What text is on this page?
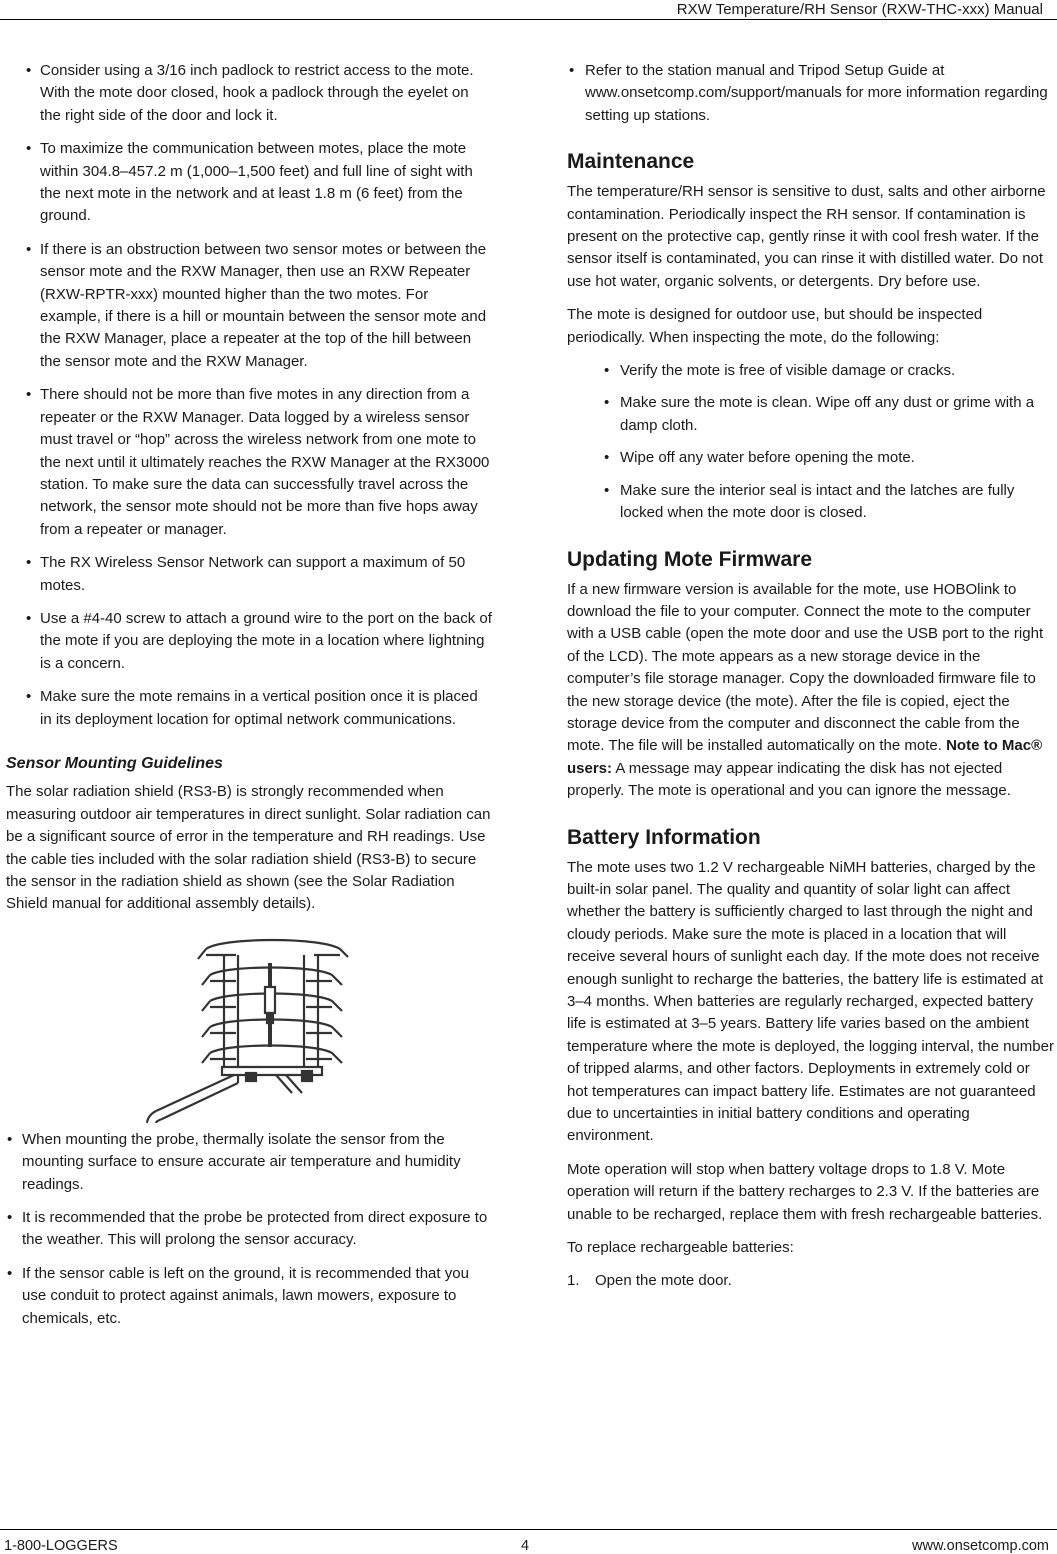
RXW Temperature/RH Sensor (RXW-THC-xxx) Manual
• Consider using a 3/16 inch padlock to restrict access to the mote. With the mote door closed, hook a padlock through the eyelet on the right side of the door and lock it.
• To maximize the communication between motes, place the mote within 304.8–457.2 m (1,000–1,500 feet) and full line of sight with the next mote in the network and at least 1.8 m (6 feet) from the ground.
• If there is an obstruction between two sensor motes or between the sensor mote and the RXW Manager, then use an RXW Repeater (RXW-RPTR-xxx) mounted higher than the two motes. For example, if there is a hill or mountain between the sensor mote and the RXW Manager, place a repeater at the top of the hill between the sensor mote and the RXW Manager.
• There should not be more than five motes in any direction from a repeater or the RXW Manager. Data logged by a wireless sensor must travel or “hop” across the wireless network from one mote to the next until it ultimately reaches the RXW Manager at the RX3000 station. To make sure the data can successfully travel across the network, the sensor mote should not be more than five hops away from a repeater or manager.
• The RX Wireless Sensor Network can support a maximum of 50 motes.
• Use a #4-40 screw to attach a ground wire to the port on the back of the mote if you are deploying the mote in a location where lightning is a concern.
• Make sure the mote remains in a vertical position once it is placed in its deployment location for optimal network communications.
Sensor Mounting Guidelines

The solar radiation shield (RS3-B) is strongly recommended when measuring outdoor air temperatures in direct sunlight. Solar radiation can be a significant source of error in the temperature and RH readings. Use the cable ties included with the solar radiation shield (RS3-B) to secure the sensor in the radiation shield as shown (see the Solar Radiation Shield manual for additional assembly details).

• When mounting the probe, thermally isolate the sensor from the mounting surface to ensure accurate air temperature and humidity readings.
• It is recommended that the probe be protected from direct exposure to the weather. This will prolong the sensor accuracy.
• If the sensor cable is left on the ground, it is recommended that you use conduit to protect against animals, lawn mowers, exposure to chemicals, etc.
• Refer to the station manual and Tripod Setup Guide at www.onsetcomp.com/support/manuals for more information regarding setting up stations.
Maintenance

The temperature/RH sensor is sensitive to dust, salts and other airborne contamination. Periodically inspect the RH sensor. If contamination is present on the protective cap, gently rinse it with cool fresh water. If the sensor itself is contaminated, you can rinse it with distilled water. Do not use hot water, organic solvents, or detergents. Dry before use.

The mote is designed for outdoor use, but should be inspected periodically. When inspecting the mote, do the following:

• Verify the mote is free of visible damage or cracks.
• Make sure the mote is clean. Wipe off any dust or grime with a damp cloth.
• Wipe off any water before opening the mote.
• Make sure the interior seal is intact and the latches are fully locked when the mote door is closed.
Updating Mote Firmware

If a new firmware version is available for the mote, use HOBOlink to download the file to your computer. Connect the mote to the computer with a USB cable (open the mote door and use the USB port to the right of the LCD). The mote appears as a new storage device in the computer’s file storage manager. Copy the downloaded firmware file to the new storage device (the mote). After the file is copied, eject the storage device from the computer and disconnect the cable from the mote. The file will be installed automatically on the mote. Note to Mac® users: A message may appear indicating the disk has not ejected properly. The mote is operational and you can ignore the message.

Battery Information

The mote uses two 1.2 V rechargeable NiMH batteries, charged by the built-in solar panel. The quality and quantity of solar light can affect whether the battery is sufficiently charged to last through the night and cloudy periods. Make sure the mote is placed in a location that will receive several hours of sunlight each day. If the mote does not receive enough sunlight to recharge the batteries, the battery life is estimated at 3–4 months. When batteries are regularly recharged, expected battery life is estimated at 3–5 years. Battery life varies based on the ambient temperature where the mote is deployed, the logging interval, the number of tripped alarms, and other factors. Deployments in extremely cold or hot temperatures can impact battery life. Estimates are not guaranteed due to uncertainties in initial battery conditions and operating environment.

Mote operation will stop when battery voltage drops to 1.8 V. Mote operation will return if the battery recharges to 2.3 V. If the batteries are unable to be recharged, replace them with fresh rechargeable batteries.

To replace rechargeable batteries:

1. Open the mote door.
1-800-LOGGERS	4	www.onsetcomp.com
